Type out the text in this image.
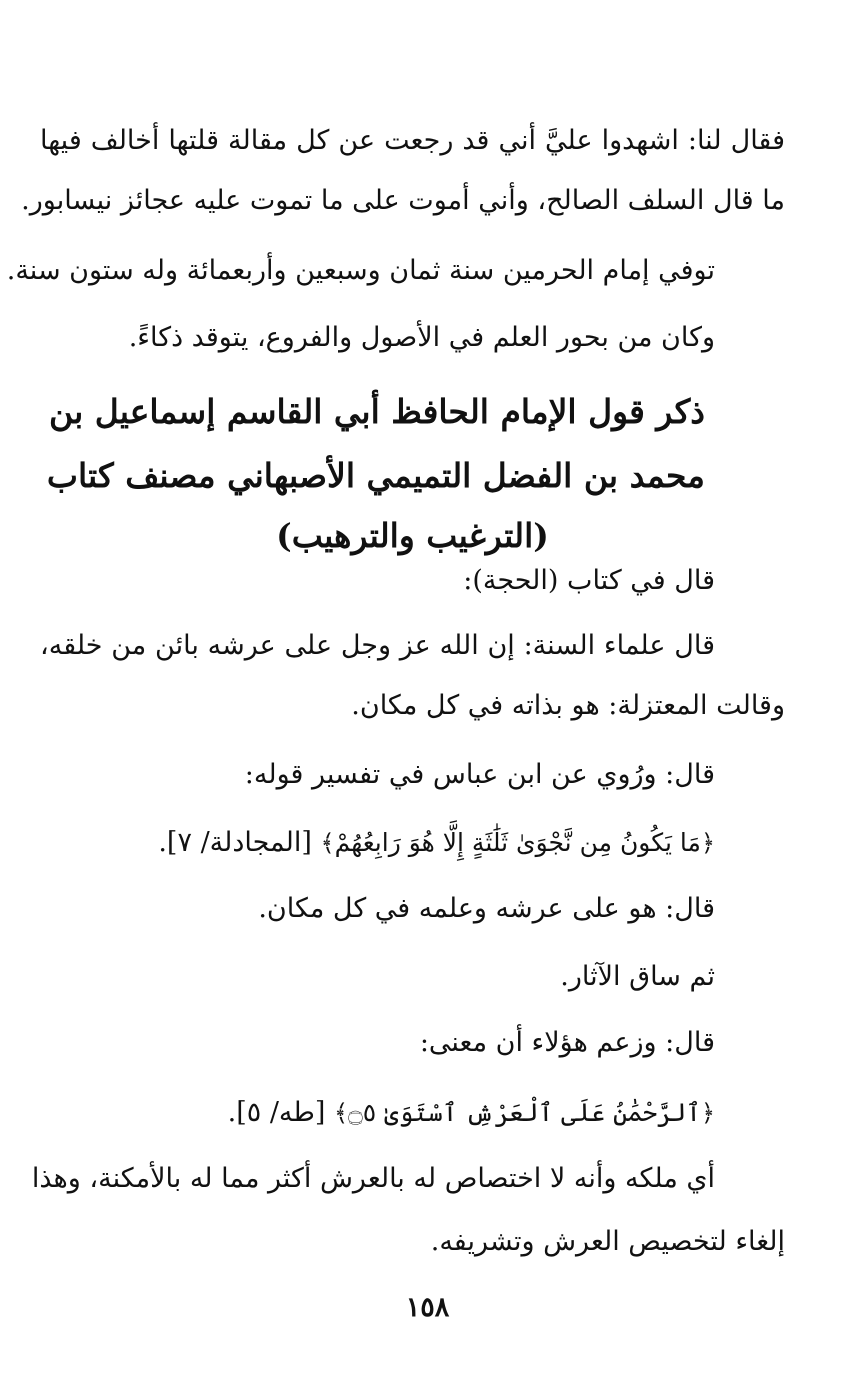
فقال لنا: اشهدوا عليَّ أني قد رجعت عن كل مقالة قلتها أخالف فيها
ما قال السلف الصالح، وأني أموت على ما تموت عليه عجائز نيسابور.
توفي إمام الحرمين سنة ثمان وسبعين وأربعمائة وله ستون سنة.
وكان من بحور العلم في الأصول والفروع، يتوقد ذكاءً.
ذكر قول الإمام الحافظ أبي القاسم إسماعيل بن
محمد بن الفضل التميمي الأصبهاني مصنف كتاب
(الترغيب والترهيب)
قال في كتاب (الحجة):
قال علماء السنة: إن الله عز وجل على عرشه بائن من خلقه،
وقالت المعتزلة: هو بذاته في كل مكان.
قال: ورُوي عن ابن عباس في تفسير قوله:
﴿مَا يَكُونُ مِن نَّجْوَىٰ ثَلَٰثَةٍ إِلَّا هُوَ رَابِعُهُمْ﴾ [المجادلة/ ٧].
قال: هو على عرشه وعلمه في كل مكان.
ثم ساق الآثار.
قال: وزعم هؤلاء أن معنى:
﴿ٱلرَّحْمَٰنُ عَلَى ٱلْعَرْشِ ٱسْتَوَىٰ ۝٥﴾ [طه/ ٥].
أي ملكه وأنه لا اختصاص له بالعرش أكثر مما له بالأمكنة، وهذا
إلغاء لتخصيص العرش وتشريفه.
١٥٨
